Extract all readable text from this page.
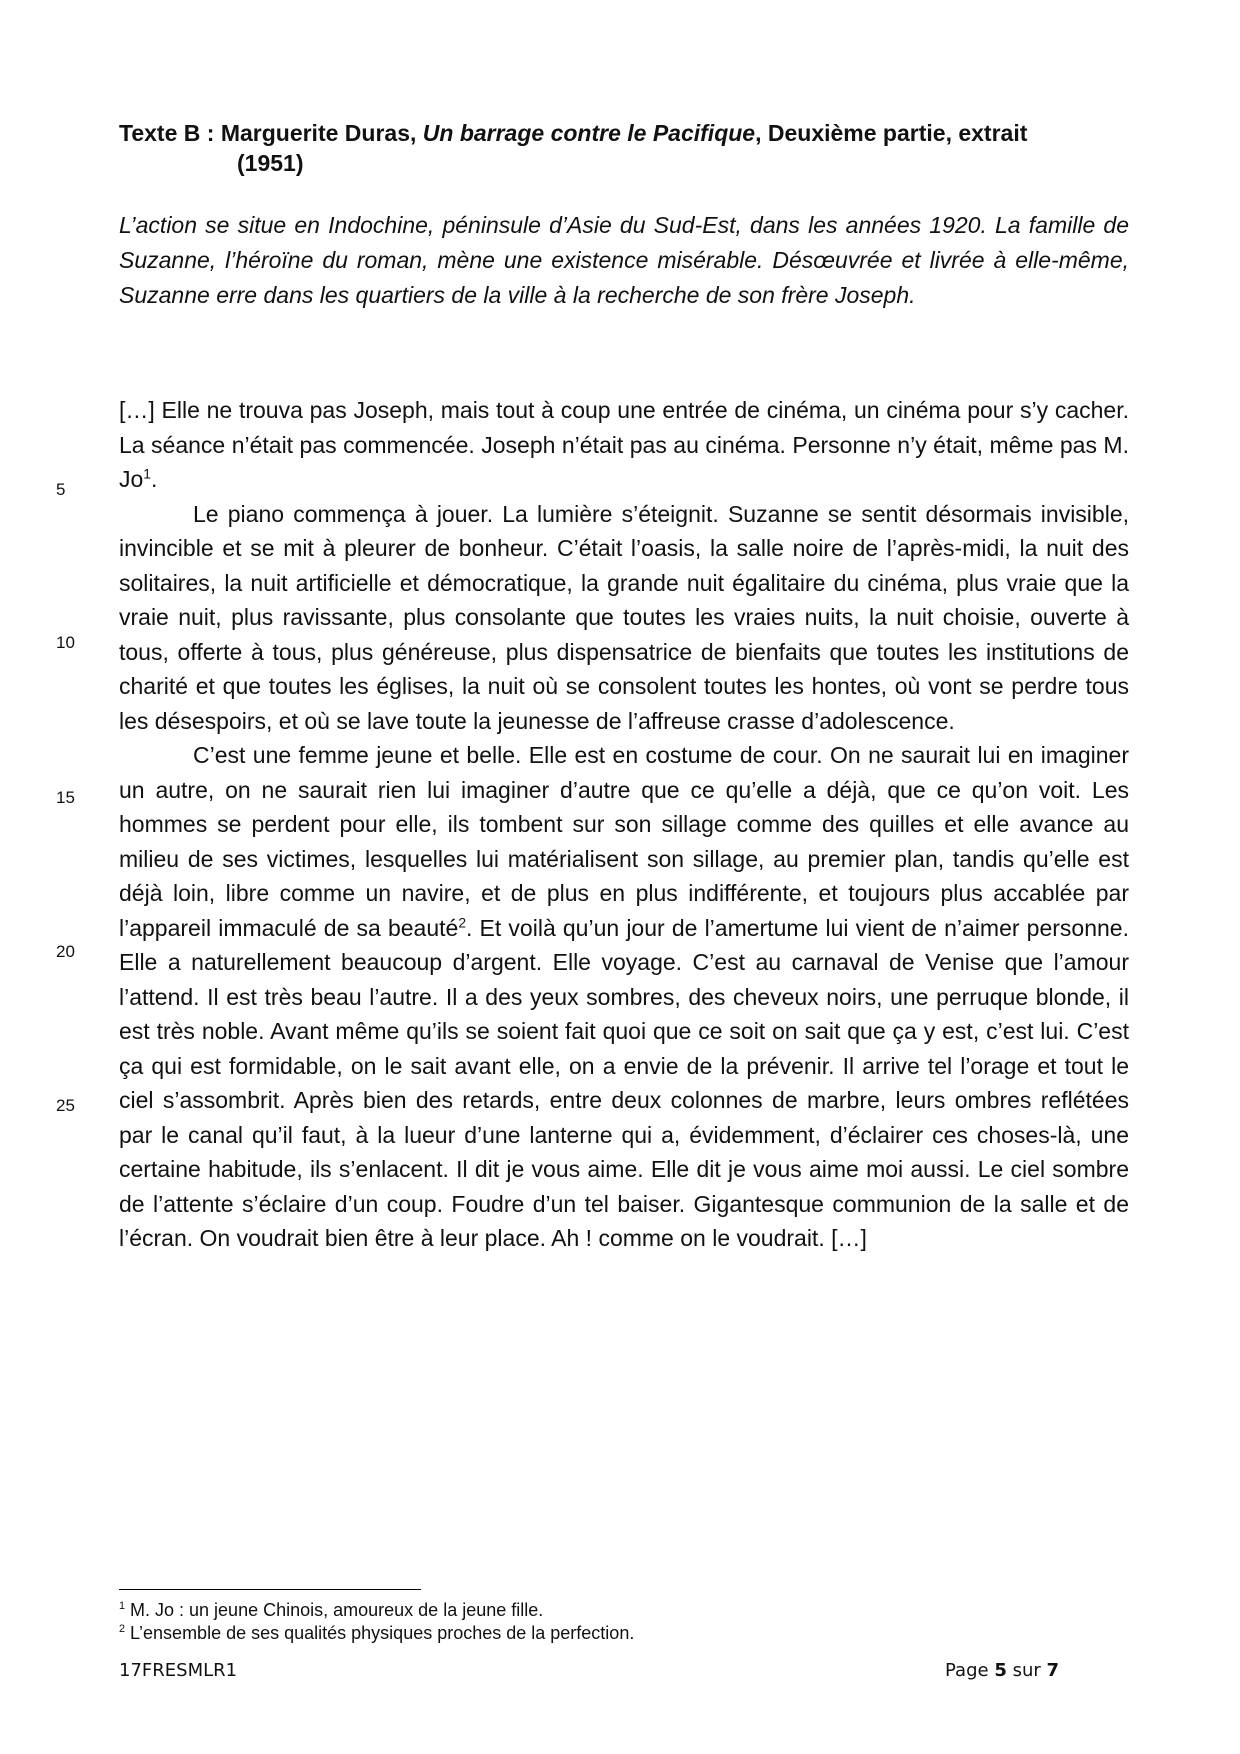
Texte B : Marguerite Duras, Un barrage contre le Pacifique, Deuxième partie, extrait
(1951)
L’action se situe en Indochine, péninsule d’Asie du Sud-Est, dans les années 1920. La famille de Suzanne, l’héroïne du roman, mène une existence misérable. Désœuvrée et livrée à elle-même, Suzanne erre dans les quartiers de la ville à la recherche de son frère Joseph.

[…] Elle ne trouva pas Joseph, mais tout à coup une entrée de cinéma, un cinéma pour s’y cacher. La séance n’était pas commencée. Joseph n’était pas au cinéma. Personne n’y était, même pas M. Jo$^1$.

Le piano commença à jouer. La lumière s’éteignit. Suzanne se sentit désormais invisible, invincible et se mit à pleurer de bonheur. C’était l’oasis, la salle noire de l’après-midi, la nuit des solitaires, la nuit artificielle et démocratique, la grande nuit égalitaire du cinéma, plus vraie que la vraie nuit, plus ravissante, plus consolante que toutes les vraies nuits, la nuit choisie, ouverte à tous, offerte à tous, plus généreuse, plus dispensatrice de bienfaits que toutes les institutions de charité et que toutes les églises, la nuit où se consolent toutes les hontes, où vont se perdre tous les désespoirs, et où se lave toute la jeunesse de l’affreuse crasse d’adolescence.

C’est une femme jeune et belle. Elle est en costume de cour. On ne saurait lui en imaginer un autre, on ne saurait rien lui imaginer d’autre que ce qu’elle a déjà, que ce qu’on voit. Les hommes se perdent pour elle, ils tombent sur son sillage comme des quilles et elle avance au milieu de ses victimes, lesquelles lui matérialisent son sillage, au premier plan, tandis qu’elle est déjà loin, libre comme un navire, et de plus en plus indifférente, et toujours plus accablée par l’appareil immaculé de sa beauté$^2$. Et voilà qu’un jour de l’amertume lui vient de n’aimer personne. Elle a naturellement beaucoup d’argent. Elle voyage. C’est au carnaval de Venise que l’amour l’attend. Il est très beau l’autre. Il a des yeux sombres, des cheveux noirs, une perruque blonde, il est très noble. Avant même qu’ils se soient fait quoi que ce soit on sait que ça y est, c’est lui. C’est ça qui est formidable, on le sait avant elle, on a envie de la prévenir. Il arrive tel l’orage et tout le ciel s’assombrit. Après bien des retards, entre deux colonnes de marbre, leurs ombres reflétées par le canal qu’il faut, à la lueur d’une lanterne qui a, évidemment, d’éclairer ces choses-là, une certaine habitude, ils s’enlacent. Il dit je vous aime. Elle dit je vous aime moi aussi. Le ciel sombre de l’attente s’éclaire d’un coup. Foudre d’un tel baiser. Gigantesque communion de la salle et de l’écran. On voudrait bien être à leur place. Ah ! comme on le voudrait. […]

5
10
15
20
25
$^1$ M. Jo : un jeune Chinois, amoureux de la jeune fille.
$^2$ L’ensemble de ses qualités physiques proches de la perfection.
17FRESMLR1	Page 5 sur 7
